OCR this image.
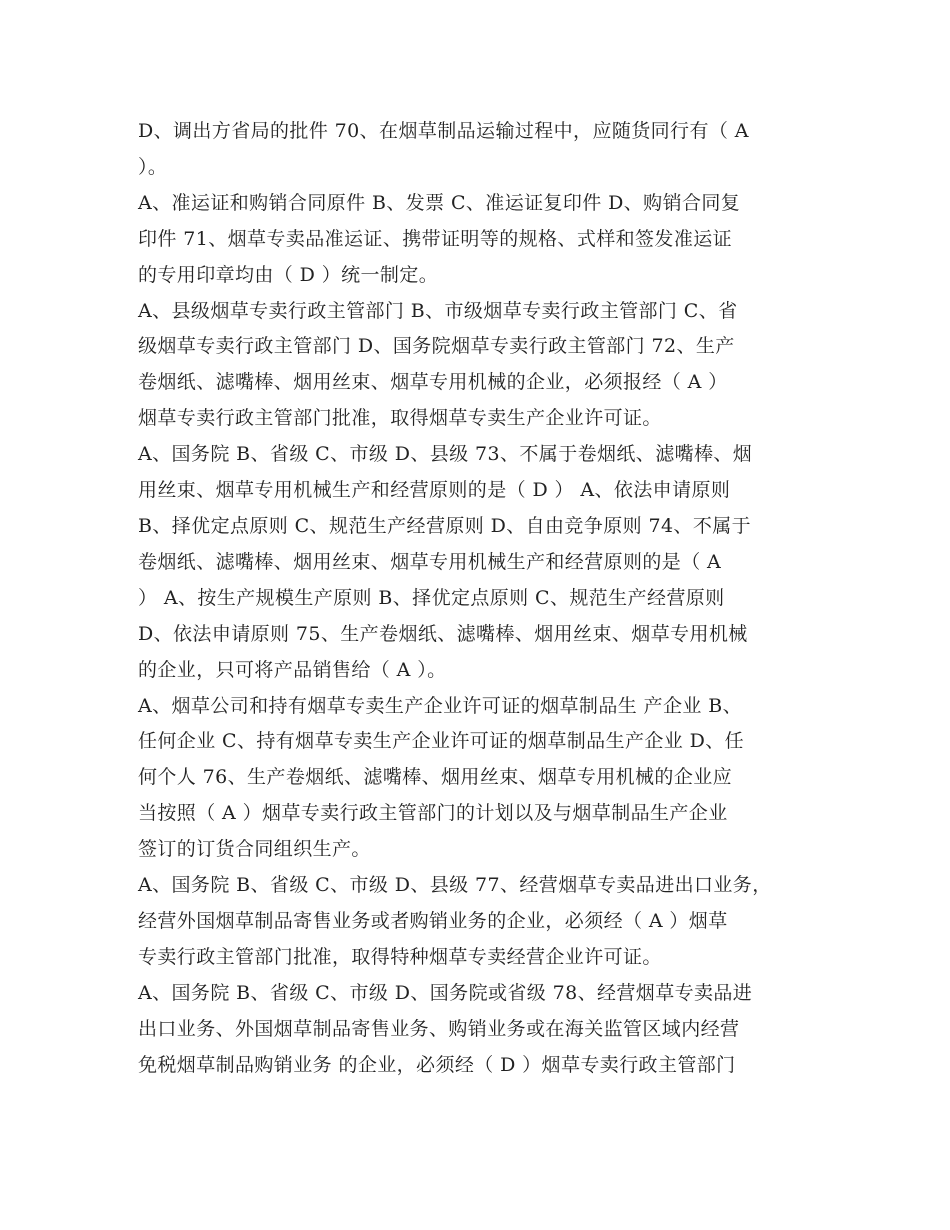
D、调出方省局的批件 70、在烟草制品运输过程中，应随货同行有（ A
）。
A、准运证和购销合同原件 B、发票 C、准运证复印件 D、购销合同复
印件 71、烟草专卖品准运证、携带证明等的规格、式样和签发准运证
的专用印章均由（ D ）统一制定。
A、县级烟草专卖行政主管部门 B、市级烟草专卖行政主管部门 C、省
级烟草专卖行政主管部门 D、国务院烟草专卖行政主管部门 72、生产
卷烟纸、滤嘴棒、烟用丝束、烟草专用机械的企业，必须报经（ A ）
烟草专卖行政主管部门批准，取得烟草专卖生产企业许可证。
A、国务院 B、省级 C、市级 D、县级 73、不属于卷烟纸、滤嘴棒、烟
用丝束、烟草专用机械生产和经营原则的是（ D ） A、依法申请原则
B、择优定点原则 C、规范生产经营原则 D、自由竞争原则 74、不属于
卷烟纸、滤嘴棒、烟用丝束、烟草专用机械生产和经营原则的是（ A
） A、按生产规模生产原则 B、择优定点原则 C、规范生产经营原则
D、依法申请原则 75、生产卷烟纸、滤嘴棒、烟用丝束、烟草专用机械
的企业，只可将产品销售给（ A ）。
A、烟草公司和持有烟草专卖生产企业许可证的烟草制品生 产企业 B、
任何企业 C、持有烟草专卖生产企业许可证的烟草制品生产企业 D、任
何个人 76、生产卷烟纸、滤嘴棒、烟用丝束、烟草专用机械的企业应
当按照（ A ）烟草专卖行政主管部门的计划以及与烟草制品生产企业
签订的订货合同组织生产。
A、国务院 B、省级 C、市级 D、县级 77、经营烟草专卖品进出口业务，
经营外国烟草制品寄售业务或者购销业务的企业，必须经（ A ）烟草
专卖行政主管部门批准，取得特种烟草专卖经营企业许可证。
A、国务院 B、省级 C、市级 D、国务院或省级 78、经营烟草专卖品进
出口业务、外国烟草制品寄售业务、购销业务或在海关监管区域内经营
免税烟草制品购销业务 的企业，必须经（ D ）烟草专卖行政主管部门
